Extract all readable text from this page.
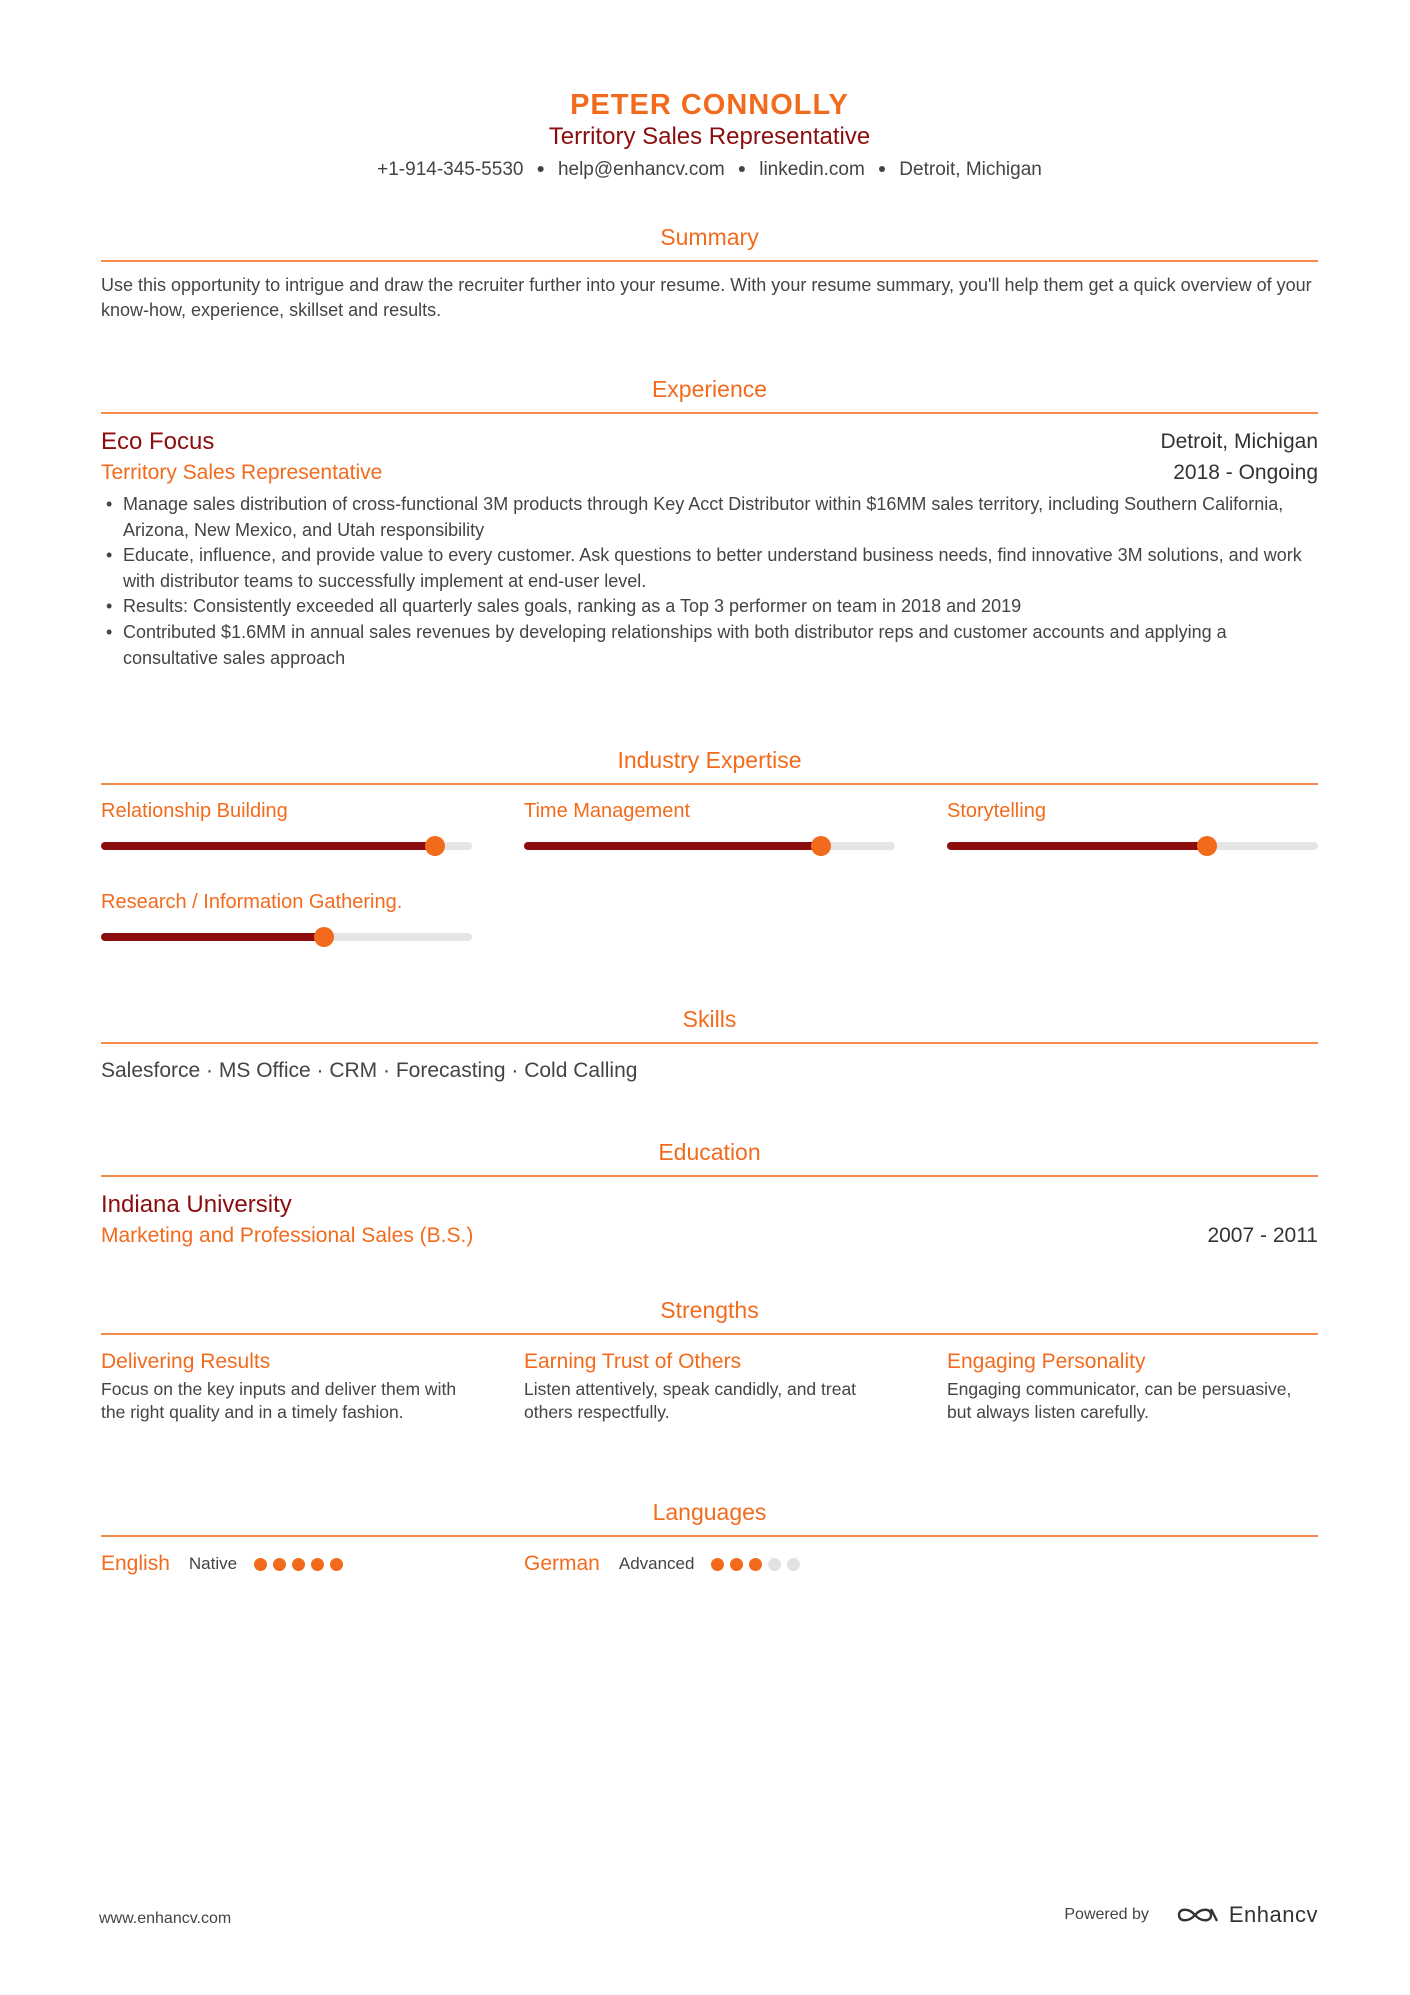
PETER CONNOLLY
Territory Sales Representative
+1-914-345-5530 ● help@enhancv.com ● linkedin.com ● Detroit, Michigan
Summary
Use this opportunity to intrigue and draw the recruiter further into your resume. With your resume summary, you'll help them get a quick overview of your know-how, experience, skillset and results.
Experience
Eco Focus	Detroit, Michigan
Territory Sales Representative	2018 - Ongoing
• Manage sales distribution of cross-functional 3M products through Key Acct Distributor within $16MM sales territory, including Southern California, Arizona, New Mexico, and Utah responsibility
• Educate, influence, and provide value to every customer. Ask questions to better understand business needs, find innovative 3M solutions, and work with distributor teams to successfully implement at end-user level.
• Results: Consistently exceeded all quarterly sales goals, ranking as a Top 3 performer on team in 2018 and 2019
• Contributed $1.6MM in annual sales revenues by developing relationships with both distributor reps and customer accounts and applying a consultative sales approach
Industry Expertise
Relationship Building	Time Management	Storytelling
Research / Information Gathering.
Skills
Salesforce · MS Office · CRM · Forecasting · Cold Calling
Education
Indiana University
Marketing and Professional Sales (B.S.)	2007 - 2011
Strengths
Delivering Results
Focus on the key inputs and deliver them with the right quality and in a timely fashion.
Earning Trust of Others
Listen attentively, speak candidly, and treat others respectfully.
Engaging Personality
Engaging communicator, can be persuasive, but always listen carefully.
Languages
English Native	German Advanced
www.enhancv.com	Powered by	Enhancv
